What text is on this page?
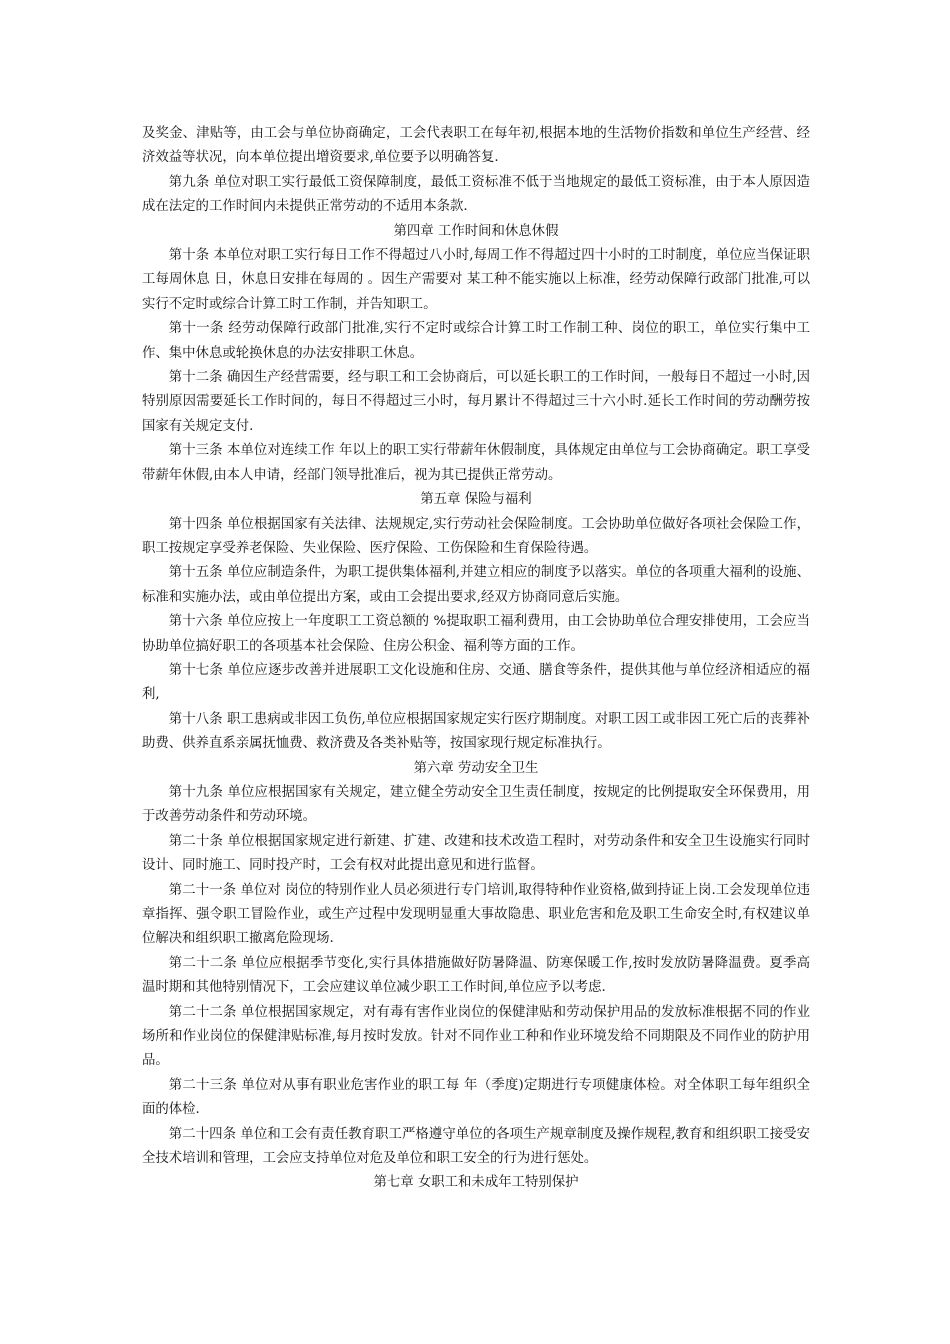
及奖金、津贴等，由工会与单位协商确定，工会代表职工在每年初,根据本地的生活物价指数和单位生产经营、经济效益等状况，向本单位提出增资要求,单位要予以明确答复.

第九条 单位对职工实行最低工资保障制度，最低工资标准不低于当地规定的最低工资标准，由于本人原因造成在法定的工作时间内未提供正常劳动的不适用本条款.

第四章 工作时间和休息休假

第十条 本单位对职工实行每日工作不得超过八小时,每周工作不得超过四十小时的工时制度，单位应当保证职工每周休息 日，休息日安排在每周的 。因生产需要对 某工种不能实施以上标准，经劳动保障行政部门批准,可以实行不定时或综合计算工时工作制，并告知职工。

第十一条 经劳动保障行政部门批准,实行不定时或综合计算工时工作制工种、岗位的职工，单位实行集中工作、集中休息或轮换休息的办法安排职工休息。

第十二条 确因生产经营需要，经与职工和工会协商后，可以延长职工的工作时间，一般每日不超过一小时,因特别原因需要延长工作时间的，每日不得超过三小时，每月累计不得超过三十六小时.延长工作时间的劳动酬劳按国家有关规定支付.

第十三条 本单位对连续工作 年以上的职工实行带薪年休假制度，具体规定由单位与工会协商确定。职工享受带薪年休假,由本人申请，经部门领导批准后，视为其已提供正常劳动。

第五章 保险与福利

第十四条 单位根据国家有关法律、法规规定,实行劳动社会保险制度。工会协助单位做好各项社会保险工作，职工按规定享受养老保险、失业保险、医疗保险、工伤保险和生育保险待遇。

第十五条 单位应制造条件，为职工提供集体福利,并建立相应的制度予以落实。单位的各项重大福利的设施、标准和实施办法，或由单位提出方案，或由工会提出要求,经双方协商同意后实施。

第十六条 单位应按上一年度职工工资总额的 %提取职工福利费用，由工会协助单位合理安排使用，工会应当协助单位搞好职工的各项基本社会保险、住房公积金、福利等方面的工作。

第十七条 单位应逐步改善并进展职工文化设施和住房、交通、膳食等条件，提供其他与单位经济相适应的福利,

第十八条 职工患病或非因工负伤,单位应根据国家规定实行医疗期制度。对职工因工或非因工死亡后的丧葬补助费、供养直系亲属抚恤费、救济费及各类补贴等，按国家现行规定标准执行。

第六章 劳动安全卫生

第十九条 单位应根据国家有关规定，建立健全劳动安全卫生责任制度，按规定的比例提取安全环保费用，用于改善劳动条件和劳动环境。

第二十条 单位根据国家规定进行新建、扩建、改建和技术改造工程时，对劳动条件和安全卫生设施实行同时设计、同时施工、同时投产时，工会有权对此提出意见和进行监督。

第二十一条 单位对 岗位的特别作业人员必须进行专门培训,取得特种作业资格,做到持证上岗.工会发现单位违章指挥、强令职工冒险作业，或生产过程中发现明显重大事故隐患、职业危害和危及职工生命安全时,有权建议单位解决和组织职工撤离危险现场.

第二十二条 单位应根据季节变化,实行具体措施做好防暑降温、防寒保暖工作,按时发放防暑降温费。夏季高温时期和其他特别情况下，工会应建议单位减少职工工作时间,单位应予以考虑.

第二十二条 单位根据国家规定，对有毒有害作业岗位的保健津贴和劳动保护用品的发放标准根据不同的作业场所和作业岗位的保健津贴标准,每月按时发放。针对不同作业工种和作业环境发给不同期限及不同作业的防护用品。

第二十三条 单位对从事有职业危害作业的职工每 年（季度)定期进行专项健康体检。对全体职工每年组织全面的体检.

第二十四条 单位和工会有责任教育职工严格遵守单位的各项生产规章制度及操作规程,教育和组织职工接受安全技术培训和管理，工会应支持单位对危及单位和职工安全的行为进行惩处。

第七章 女职工和未成年工特别保护
